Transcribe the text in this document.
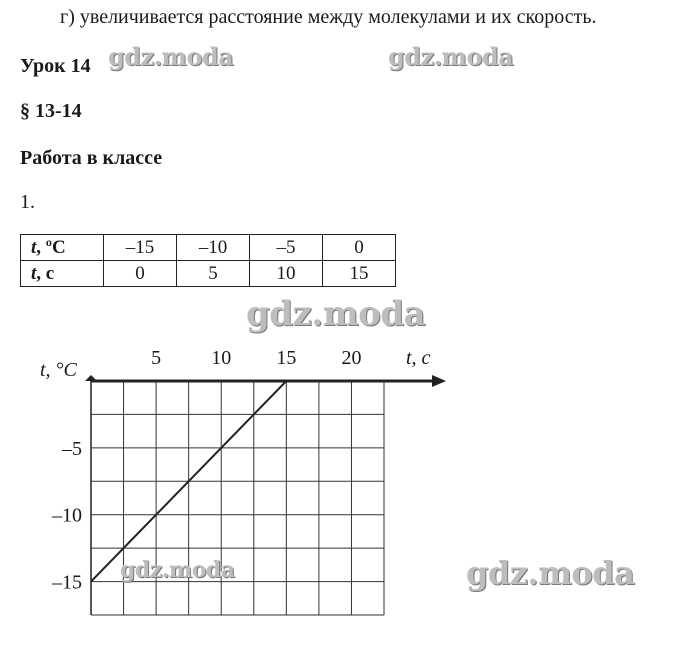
г) увеличивается расстояние между молекулами и их скорость.
Урок 14
§ 13-14
Работа в классе
1.
t, ºC	–15	–10	–5	0
t, с	0	5	10	15
5	10 15 20
–5
–10
–15
t, c
t, °C
gdz.moda	gdz.moda
gdz.moda
gdz.moda	gdz.moda
